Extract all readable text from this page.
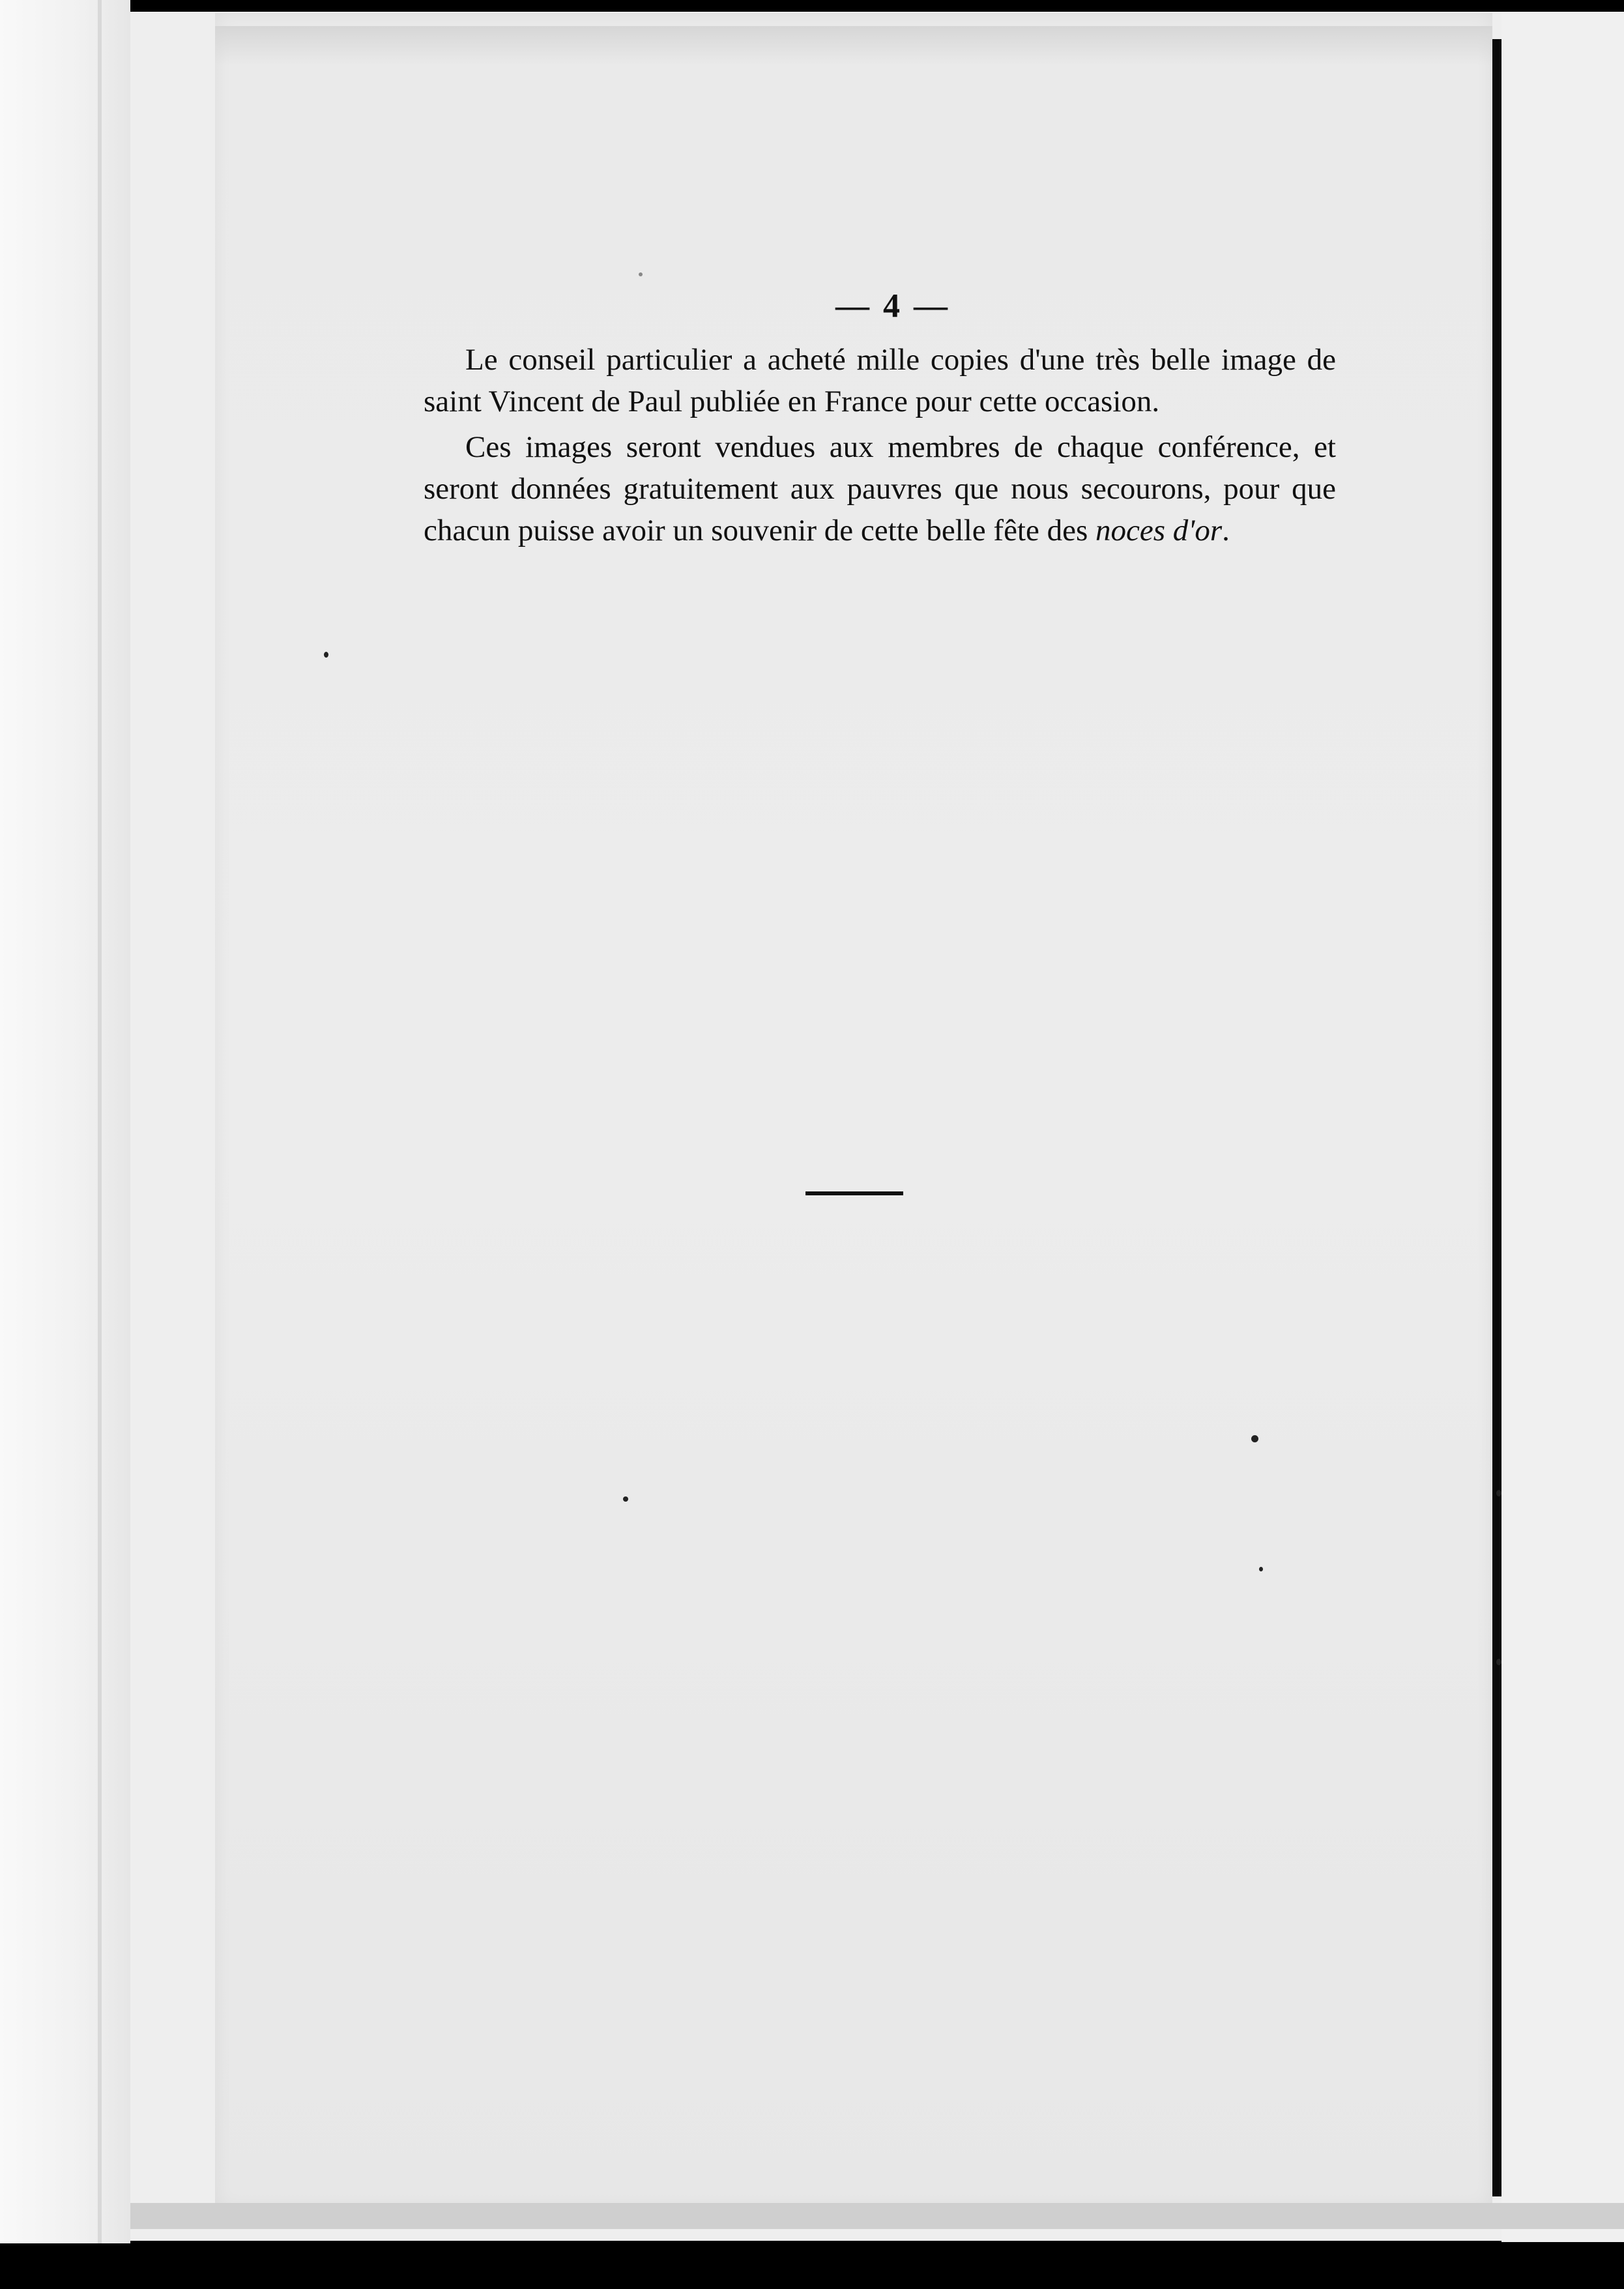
— 4 —

Le conseil particulier a acheté mille copies d'une très belle image de saint Vincent de Paul publiée en France pour cette occasion.

Ces images seront vendues aux membres de chaque conférence, et seront données gratuitement aux pauvres que nous secourons, pour que chacun puisse avoir un souvenir de cette belle fête des noces d'or.
